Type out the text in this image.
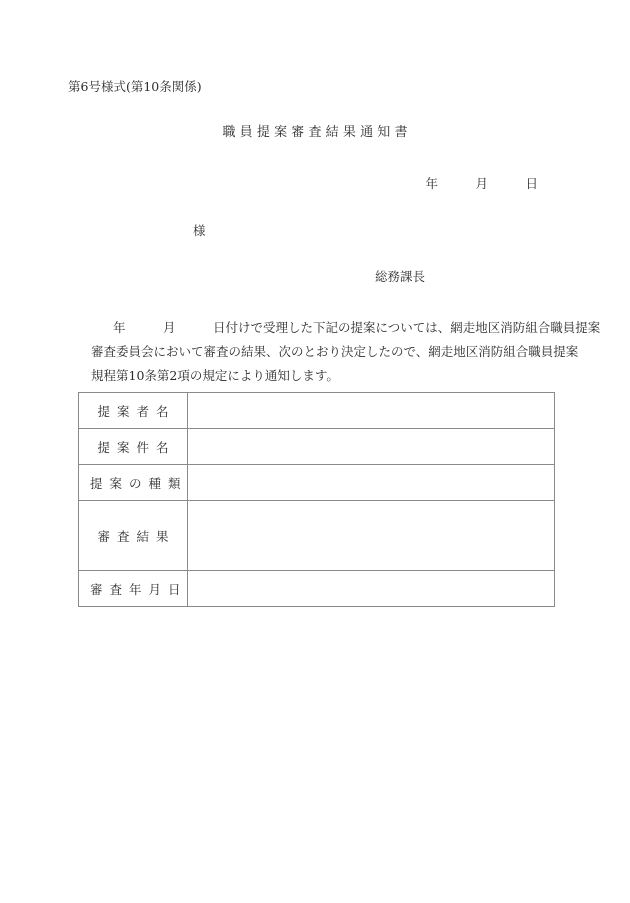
第6号様式(第10条関係)
職員提案審査結果通知書
年　　　月　　　日
様
総務課長
年　　　月　　　日付けで受理した下記の提案については、網走地区消防組合職員提案
審査委員会において審査の結果、次のとおり決定したので、網走地区消防組合職員提案
規程第10条第2項の規定により通知します。
提案者名	
提案件名	
提案の種類	
審査結果	
審査年月日	
